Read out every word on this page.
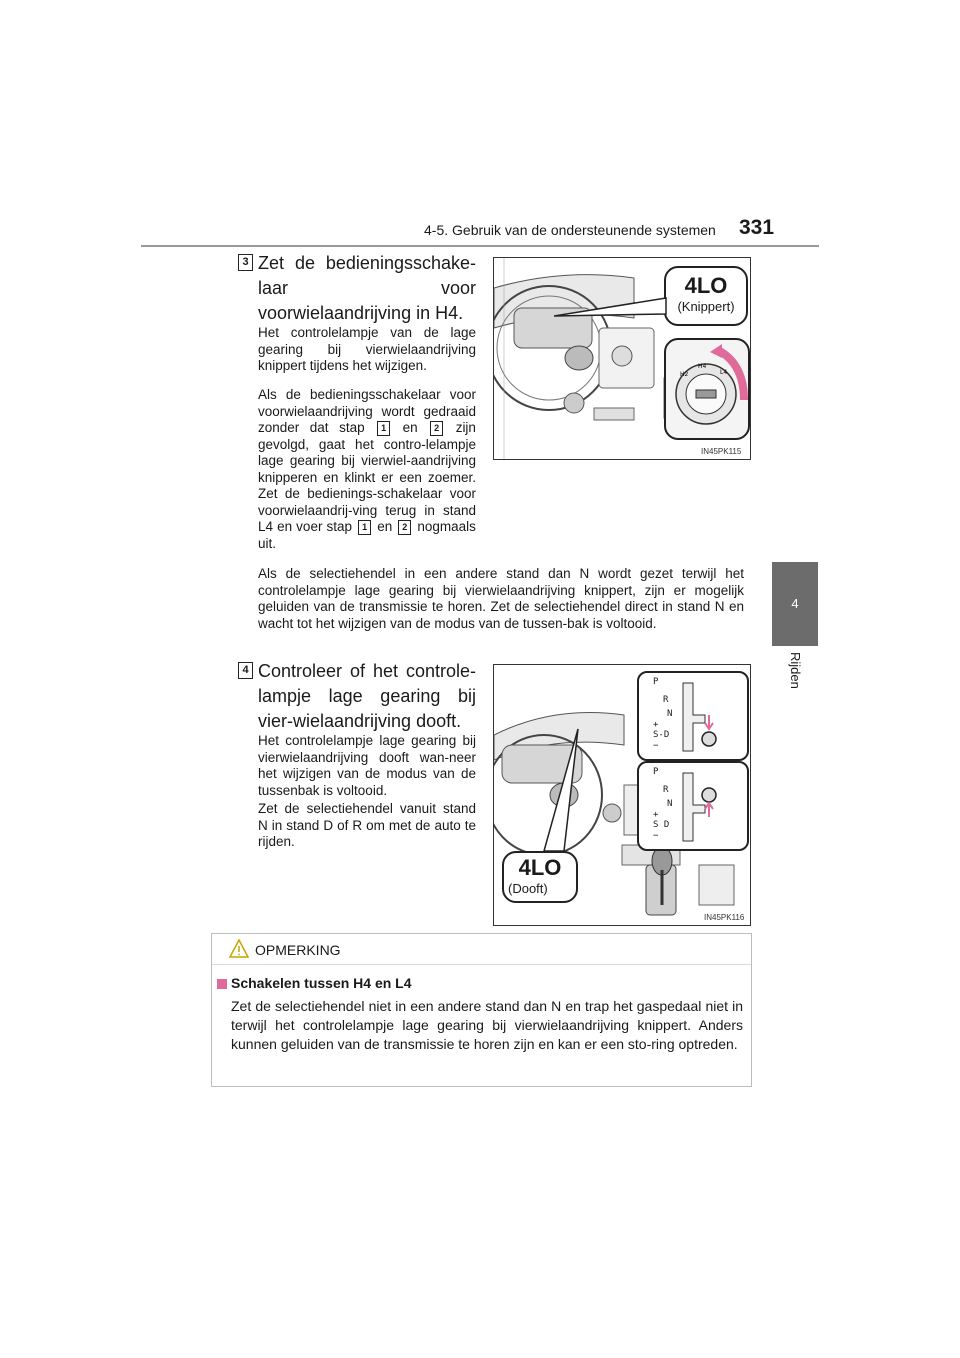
4-5. Gebruik van de ondersteunende systemen 331
4
Rijden
3 Zet de bedieningsschake-laar voor voorwielaandrijving in H4.
Het controlelampje van de lage gearing bij vierwielaandrijving knippert tijdens het wijzigen.
Als de bedieningsschakelaar voor voorwielaandrijving wordt gedraaid zonder dat stap 1 en 2 zijn gevolgd, gaat het contro-lelampje lage gearing bij vierwiel-aandrijving knipperen en klinkt er een zoemer. Zet de bedienings-schakelaar voor voorwielaandrij-ving terug in stand L4 en voer stap 1 en 2 nogmaals uit.
4LO
(Knippert)
H2
H4
L4
IN45PK115
Als de selectiehendel in een andere stand dan N wordt gezet terwijl het controlelampje lage gearing bij vierwielaandrijving knippert, zijn er mogelijk geluiden van de transmissie te horen. Zet de selectiehendel direct in stand N en wacht tot het wijzigen van de modus van de tussen-bak is voltooid.
4 Controleer of het controle-lampje lage gearing bij vier-wielaandrijving dooft.
Het controlelampje lage gearing bij vierwielaandrijving dooft wan-neer het wijzigen van de modus van de tussenbak is voltooid.
Zet de selectiehendel vanuit stand N in stand D of R om met de auto te rijden.
P
R
N
+
S-D
−
P
R
N
+
S D
−
4LO
(Dooft)
IN45PK116
OPMERKING
Schakelen tussen H4 en L4
Zet de selectiehendel niet in een andere stand dan N en trap het gaspedaal niet in terwijl het controlelampje lage gearing bij vierwielaandrijving knippert. Anders kunnen geluiden van de transmissie te horen zijn en kan er een sto-ring optreden.
